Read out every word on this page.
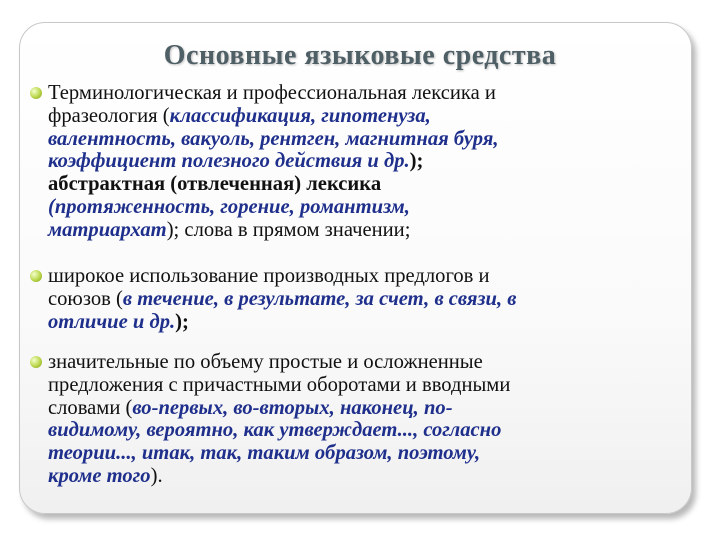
Основные языковые средства
Терминологическая и профессиональная лексика и
фразеология (классификация, гипотенуза,
валентность, вакуоль, рентген, магнитная буря,
коэффициент полезного действия и др.);
абстрактная (отвлеченная) лексика
(протяженность, горение, романтизм,
матриархат); слова в прямом значении;
широкое использование производных предлогов и
союзов (в течение, в результате, за счет, в связи, в
отличие и др.);
значительные по объему простые и осложненные
предложения с причастными оборотами и вводными
словами (во-первых, во-вторых, наконец, по-
видимому, вероятно, как утверждает..., согласно
теории..., итак, так, таким образом, поэтому,
кроме того).
